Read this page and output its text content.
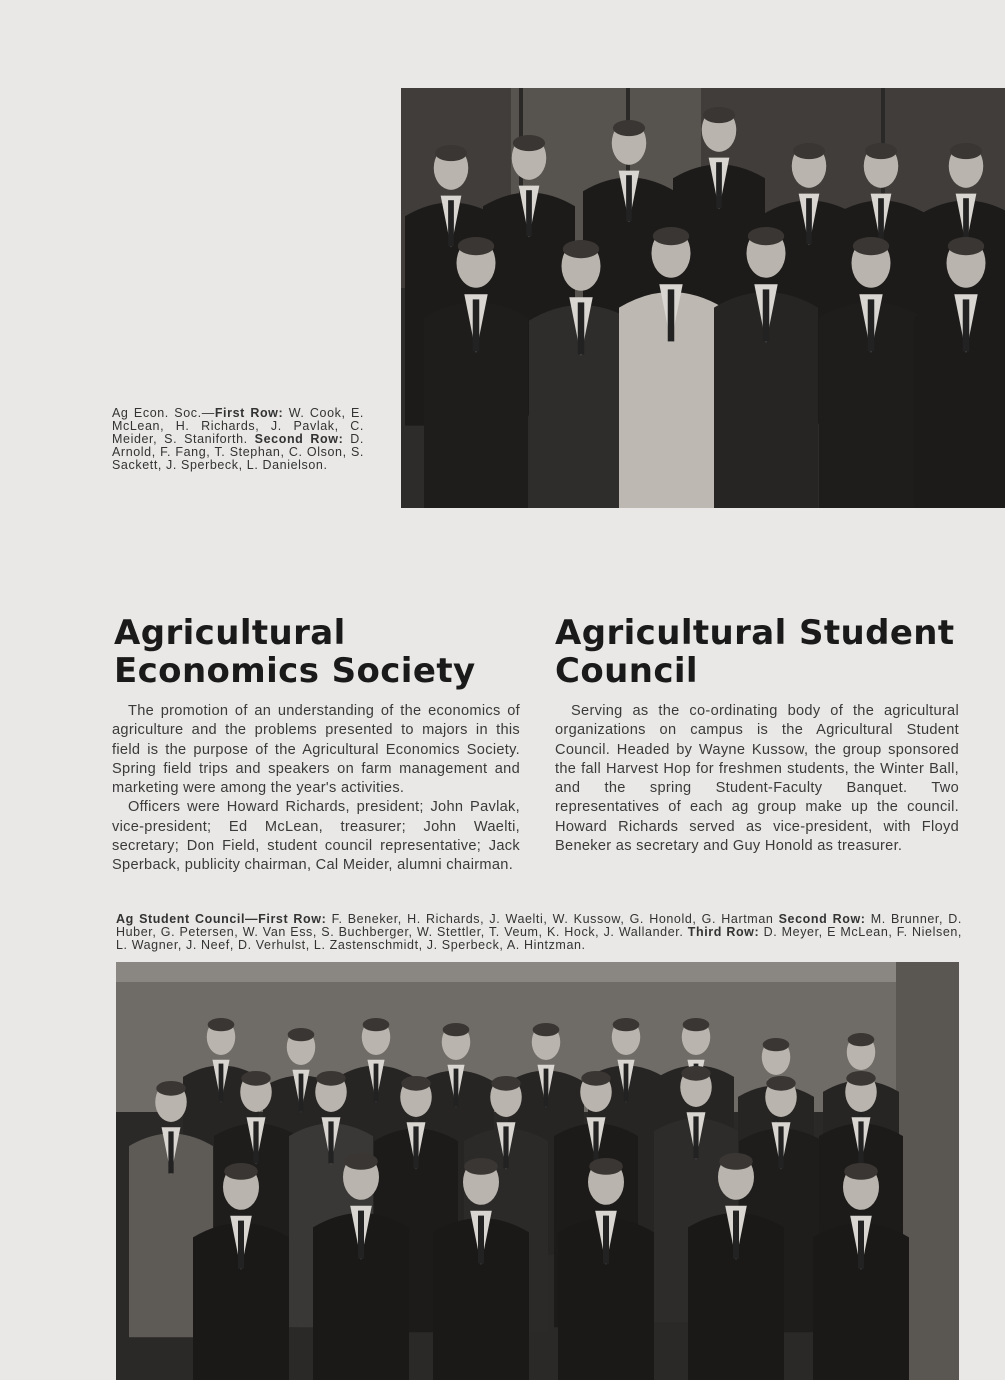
Ag Econ. Soc.—First Row: W. Cook, E. McLean, H. Richards, J. Pavlak, C. Meider, S. Staniforth. Second Row: D. Arnold, F. Fang, T. Stephan, C. Olson, S. Sackett, J. Sperbeck, L. Danielson.
Agricultural Economics Society
Agricultural Student Council

The promotion of an understanding of the economics of agriculture and the problems presented to majors in this field is the purpose of the Agricultural Economics Society. Spring field trips and speakers on farm management and marketing were among the year's activities.

Officers were Howard Richards, president; John Pavlak, vice-president; Ed McLean, treasurer; John Waelti, secretary; Don Field, student council representative; Jack Sperback, publicity chairman, Cal Meider, alumni chairman.

Serving as the co-ordinating body of the agricultural organizations on campus is the Agricultural Student Council. Headed by Wayne Kussow, the group sponsored the fall Harvest Hop for freshmen students, the Winter Ball, and the spring Student-Faculty Banquet. Two representatives of each ag group make up the council. Howard Richards served as vice-president, with Floyd Beneker as secretary and Guy Honold as treasurer.

Ag Student Council—First Row: F. Beneker, H. Richards, J. Waelti, W. Kussow, G. Honold, G. Hartman Second Row: M. Brunner, D. Huber, G. Petersen, W. Van Ess, S. Buchberger, W. Stettler, T. Veum, K. Hock, J. Wallander. Third Row: D. Meyer, E McLean, F. Nielsen, L. Wagner, J. Neef, D. Verhulst, L. Zastenschmidt, J. Sperbeck, A. Hintzman.
